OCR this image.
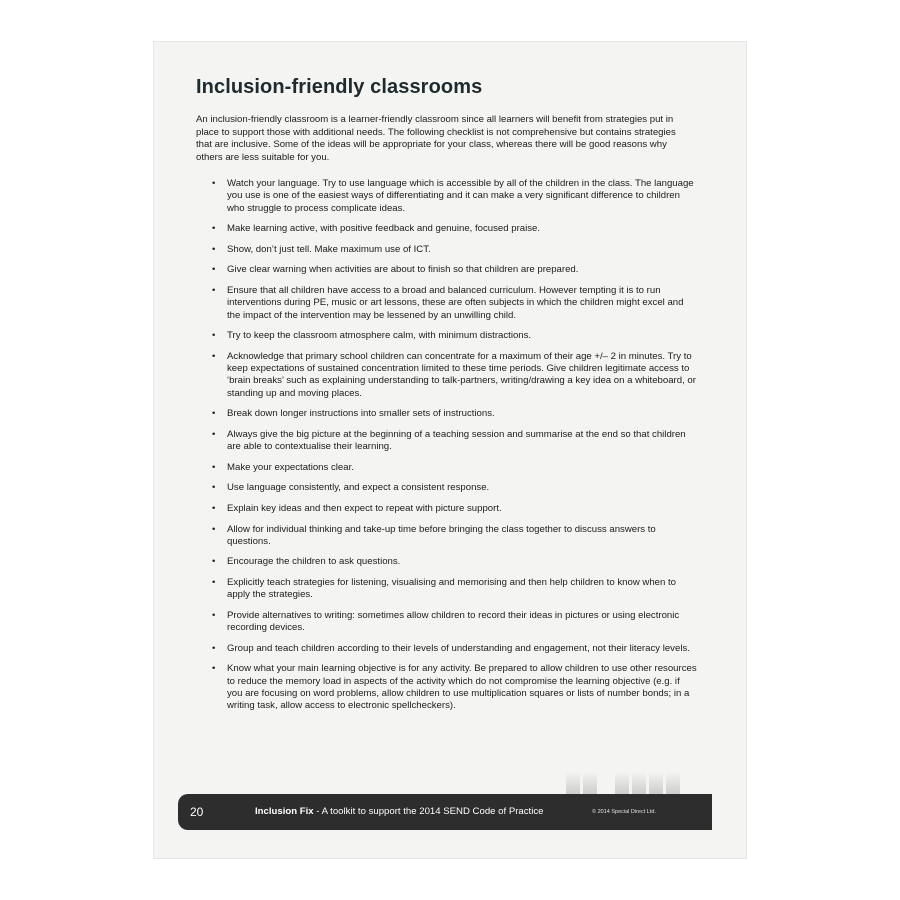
Inclusion-friendly classrooms

An inclusion-friendly classroom is a learner-friendly classroom since all learners will benefit from strategies put in place to support those with additional needs. The following checklist is not comprehensive but contains strategies that are inclusive. Some of the ideas will be appropriate for your class, whereas there will be good reasons why others are less suitable for you.

• Watch your language. Try to use language which is accessible by all of the children in the class. The language you use is one of the easiest ways of differentiating and it can make a very significant difference to children who struggle to process complicate ideas.
• Make learning active, with positive feedback and genuine, focused praise.
• Show, don’t just tell. Make maximum use of ICT.
• Give clear warning when activities are about to finish so that children are prepared.
• Ensure that all children have access to a broad and balanced curriculum. However tempting it is to run interventions during PE, music or art lessons, these are often subjects in which the children might excel and the impact of the intervention may be lessened by an unwilling child.
• Try to keep the classroom atmosphere calm, with minimum distractions.
• Acknowledge that primary school children can concentrate for a maximum of their age +/– 2 in minutes. Try to keep expectations of sustained concentration limited to these time periods. Give children legitimate access to ‘brain breaks’ such as explaining understanding to talk-partners, writing/drawing a key idea on a whiteboard, or standing up and moving places.
• Break down longer instructions into smaller sets of instructions.
• Always give the big picture at the beginning of a teaching session and summarise at the end so that children are able to contextualise their learning.
• Make your expectations clear.
• Use language consistently, and expect a consistent response.
• Explain key ideas and then expect to repeat with picture support.
• Allow for individual thinking and take-up time before bringing the class together to discuss answers to questions.
• Encourage the children to ask questions.
• Explicitly teach strategies for listening, visualising and memorising and then help children to know when to apply the strategies.
• Provide alternatives to writing: sometimes allow children to record their ideas in pictures or using electronic recording devices.
• Group and teach children according to their levels of understanding and engagement, not their literacy levels.
• Know what your main learning objective is for any activity. Be prepared to allow children to use other resources to reduce the memory load in aspects of the activity which do not compromise the learning objective (e.g. if you are focusing on word problems, allow children to use multiplication squares or lists of number bonds; in a writing task, allow access to electronic spellcheckers).
20	Inclusion Fix - A toolkit to support the 2014 SEND Code of Practice	© 2014 Special Direct Ltd.
